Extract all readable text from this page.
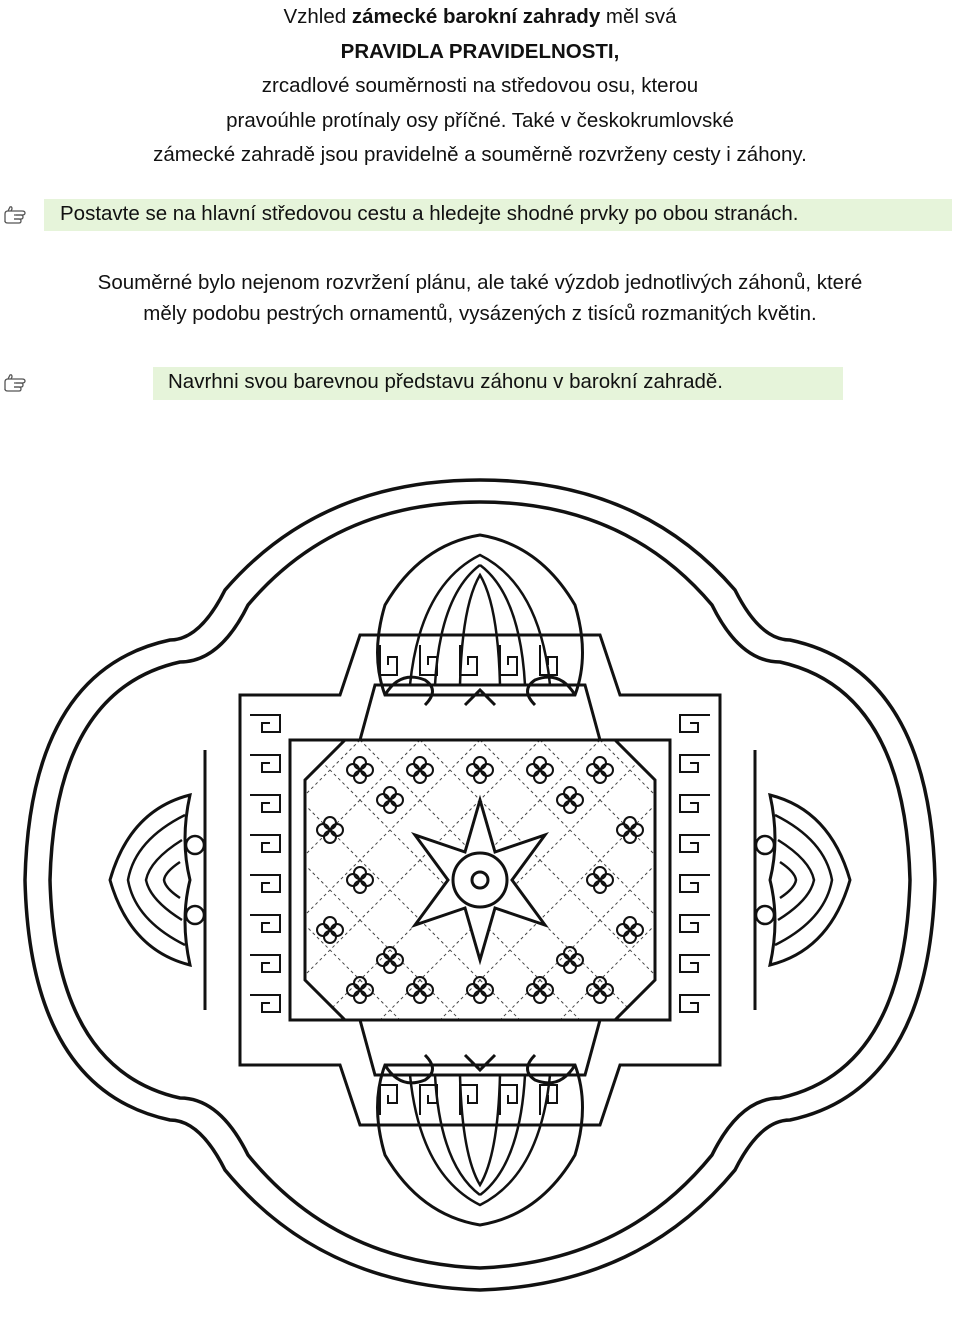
Vzhled zámecké barokní zahrady měl svá
PRAVIDLA PRAVIDELNOSTI,
zrcadlové souměrnosti na středovou osu, kterou
pravoúhle protínaly osy příčné. Také v českokrumlovské
zámecké zahradě jsou pravidelně a souměrně rozvrženy cesty i záhony.
Postavte se na hlavní středovou cestu a hledejte shodné prvky po obou stranách.
Souměrné bylo nejenom rozvržení plánu, ale také výzdob jednotlivých záhonů, které
měly podobu pestrých ornamentů, vysázených z tisíců rozmanitých květin.
Navrhni svou barevnou představu záhonu v barokní zahradě.
